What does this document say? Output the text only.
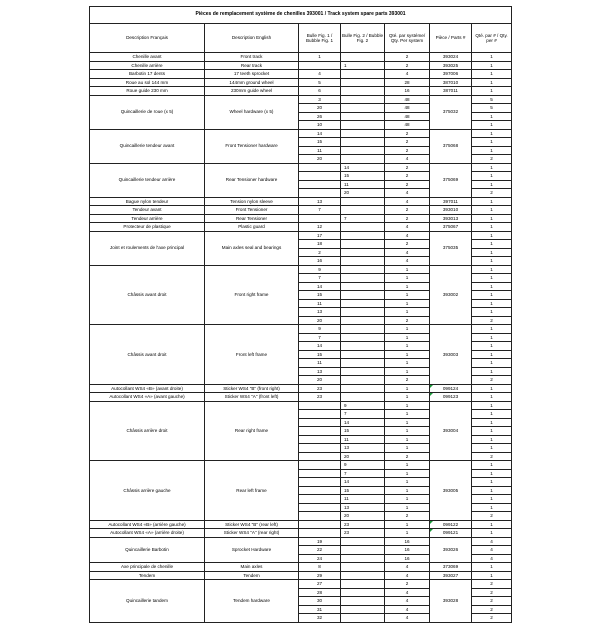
Pièces de remplacement système de chenilles 393001 / Track system spare parts 393001						
Description Français	Description English	Bulle Fig. 1 / Bubble Fig. 1	Bulle Fig. 2 / Bubble Fig. 2	Qté. par systéme/ Qty. Per system	Pièce / Parts #	Qté. par # / Qty. per #
Chenille avant	Front track	1		2	393024	1
Chenille arrière	Rear track		1	2	393025	1
Barbotin 17 dents	17 teeth sprocket	4		4	397006	1
Roue au sol 144 mm	144mm ground wheel	5		28	387010	1
Roue guide 230 mm	230mm guide wheel	6		16	387011	1
Quincaillerie de roue (x 5)	Wheel hardware (x 5)	3		48	375032	5
		20		48		5
		26		48		1
		10		48		1
Quincaillerie tendeur avant	Front Tensioner hardware	14		2	375068	1
		15		2		1
		11		2		1
		20		4		2
Quincaillerie tendeur arrière	Rear Tensioner hardware		14	2	375069	1
			15	2		1
			11	2		1
			20	4		2
Bague nylon tendeur	Tension nylon sleeve	13		4	397011	1
Tendeur avant	Front Tensioner	7		2	393010	1
Tendeur arrière	Rear Tensioner		7	2	393013	1
Protecteur de plastique	Plastic guard	12		4	375067	1
Joint et roulements de l'axe principal	Main axles seal and bearings	17		4	375035	1
		18		2		1
		2		4		1
		16		4		1
Châssis avant droit	Front right frame	9		1	393002	1
		7		1		1
		14		1		1
		15		1		1
		11		1		1
		13		1		1
		20		2		2
Châssis avant droit	Front left frame	9		1	393003	1
		7		1		1
		14		1		1
		15		1		1
		11		1		1
		13		1		1
		20		2		2
Autocollant WS4 «B» (avant droite)	Sticker WS4 "B" (front right)	23		1	099124	1
Autocollant WS4 «A» (avant gauche)	Sticker WS4 "A" (front left)	23		1	099123	1
Châssis arrière droit	Rear right frame		9	1	393004	1
			7	1		1
			14	1		1
			15	1		1
			11	1		1
			13	1		1
			20	2		2
Châssis arrière gauche	Rear left frame		9	1	393005	1
			7	1		1
			14	1		1
			15	1		1
			11	1		1
			13	1		1
			20	2		2
Autocollant WS4 «B» (arrière gauche)	Sticker WS4 "B" (rear left)		23	1	099122	1
Autocollant WS4 «A» (arrière droite)	Sticker WS4 "A" (rear right)		23	1	099121	1
Quincaillerie Barbotin	Sprocket Hardware	19		16	393026	4
		22		16		4
		24		16		4
Axe principale de chenille	Main axles	8		4	373069	1
Tendem	Tendem	29		4	393027	1
Quincaillerie tandem	Tendem hardware	27		2	393028	2
		28		4		2
		30		4		2
		31		4		2
		32		4		2
